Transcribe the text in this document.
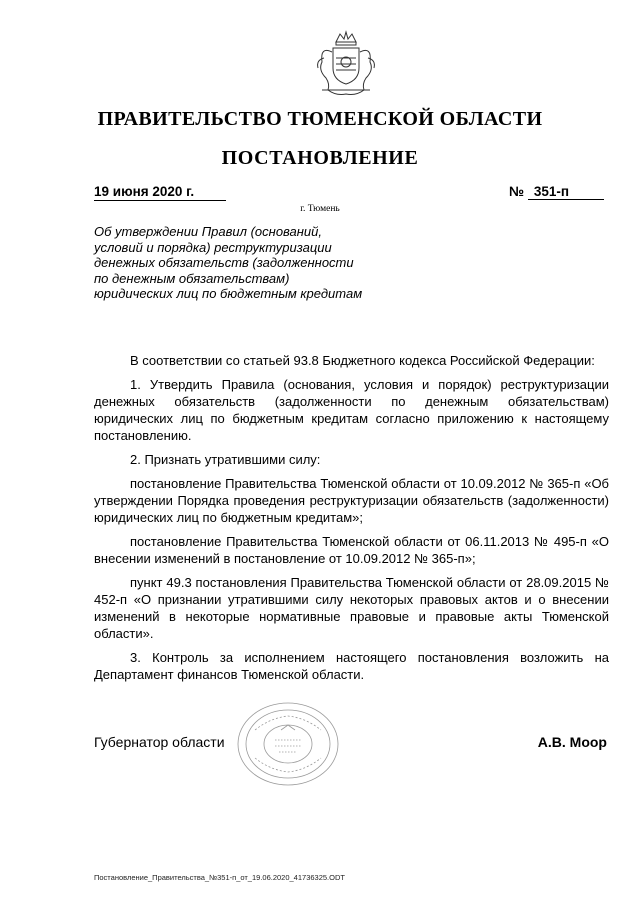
ПРАВИТЕЛЬСТВО ТЮМЕНСКОЙ ОБЛАСТИ
ПОСТАНОВЛЕНИЕ
19 июня 2020 г.	№ 351-п
г. Тюмень
Об утверждении Правил (оснований,
условий и порядка) реструктуризации
денежных обязательств (задолженности
по денежным обязательствам)
юридических лиц по бюджетным кредитам

В соответствии со статьей 93.8 Бюджетного кодекса Российской Федерации:

1. Утвердить Правила (основания, условия и порядок) реструктуризации денежных обязательств (задолженности по денежным обязательствам) юридических лиц по бюджетным кредитам согласно приложению к настоящему постановлению.

2. Признать утратившими силу:

постановление Правительства Тюменской области от 10.09.2012 № 365-п «Об утверждении Порядка проведения реструктуризации обязательств (задолженности) юридических лиц по бюджетным кредитам»;

постановление Правительства Тюменской области от 06.11.2013 № 495-п «О внесении изменений в постановление от 10.09.2012 № 365-п»;

пункт 49.3 постановления Правительства Тюменской области от 28.09.2015 № 452-п «О признании утратившими силу некоторых правовых актов и о внесении изменений в некоторые нормативные правовые и правовые акты Тюменской области».

3. Контроль за исполнением настоящего постановления возложить на Департамент финансов Тюменской области.

Губернатор области	А.В. Моор
Постановление_Правительства_№351-п_от_19.06.2020_41736325.ODT
